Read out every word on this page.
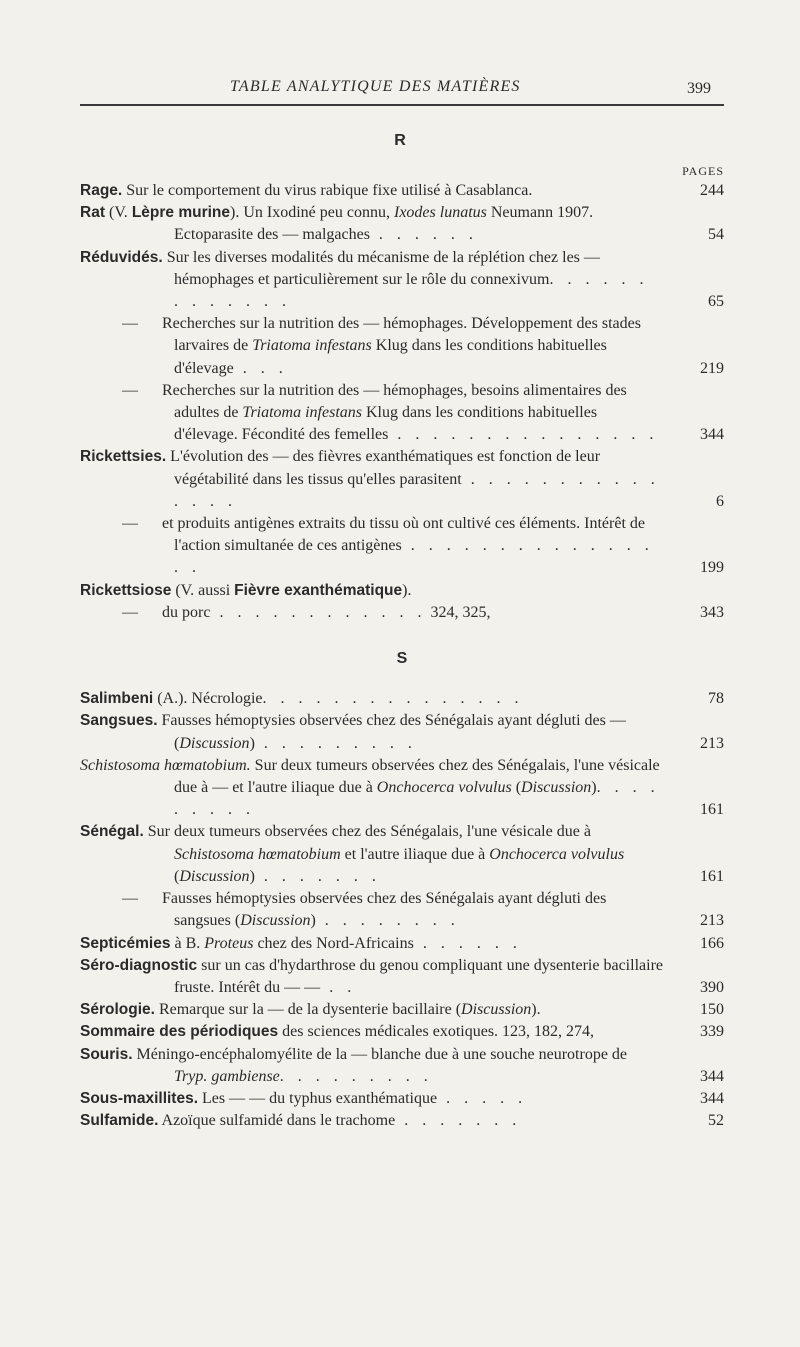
TABLE ANALYTIQUE DES MATIÈRES	399
R
PAGES
Rage. Sur le comportement du virus rabique fixe utilisé à Casablanca.	244
Rat (V. Lèpre murine). Un Ixodiné peu connu, Ixodes lunatus Neumann 1907. Ectoparasite des — malgaches . . . . . .	54
Réduvidés. Sur les diverses modalités du mécanisme de la réplétion chez les — hémophages et particulièrement sur le rôle du connexivum. . . . . . . . . . . . .	65
— Recherches sur la nutrition des — hémophages. Développement des stades larvaires de Triatoma infestans Klug dans les conditions habituelles d'élevage . . .	219
— Recherches sur la nutrition des — hémophages, besoins alimentaires des adultes de Triatoma infestans Klug dans les conditions habituelles d'élevage. Fécondité des femelles . . . . . . . . . . . . . . .	344
Rickettsies. L'évolution des — des fièvres exanthématiques est fonction de leur végétabilité dans les tissus qu'elles parasitent . . . . . . . . . . . . . . .	6
— et produits antigènes extraits du tissu où ont cultivé ces éléments. Intérêt de l'action simultanée de ces antigènes . . . . . . . . . . . . . . . .	199
Rickettsiose (V. aussi Fièvre exanthématique).
— du porc . . . . . . . . . . . . 324, 325,	343
S
Salimbeni (A.). Nécrologie. . . . . . . . . . . . . . .	78
Sangsues. Fausses hémoptysies observées chez des Sénégalais ayant dégluti des — (Discussion) . . . . . . . . .	213
Schistosoma hœmatobium. Sur deux tumeurs observées chez des Sénégalais, l'une vésicale due à — et l'autre iliaque due à Onchocerca volvulus (Discussion). . . . . . . . .	161
Sénégal. Sur deux tumeurs observées chez des Sénégalais, l'une vésicale due à Schistosoma hœmatobium et l'autre iliaque due à Onchocerca volvulus (Discussion) . . . . . . .	161
— Fausses hémoptysies observées chez des Sénégalais ayant dégluti des sangsues (Discussion) . . . . . . . .	213
Septicémies à B. Proteus chez des Nord-Africains . . . . . .	166
Séro-diagnostic sur un cas d'hydarthrose du genou compliquant une dysenterie bacillaire fruste. Intérêt du — — . .	390
Sérologie. Remarque sur la — de la dysenterie bacillaire (Discussion).	150
Sommaire des périodiques des sciences médicales exotiques. 123, 182, 274,	339
Souris. Méningo-encéphalomyélite de la — blanche due à une souche neurotrope de Tryp. gambiense. . . . . . . . .	344
Sous-maxillites. Les — — du typhus exanthématique . . . . .	344
Sulfamide. Azoïque sulfamidé dans le trachome . . . . . . .	52
